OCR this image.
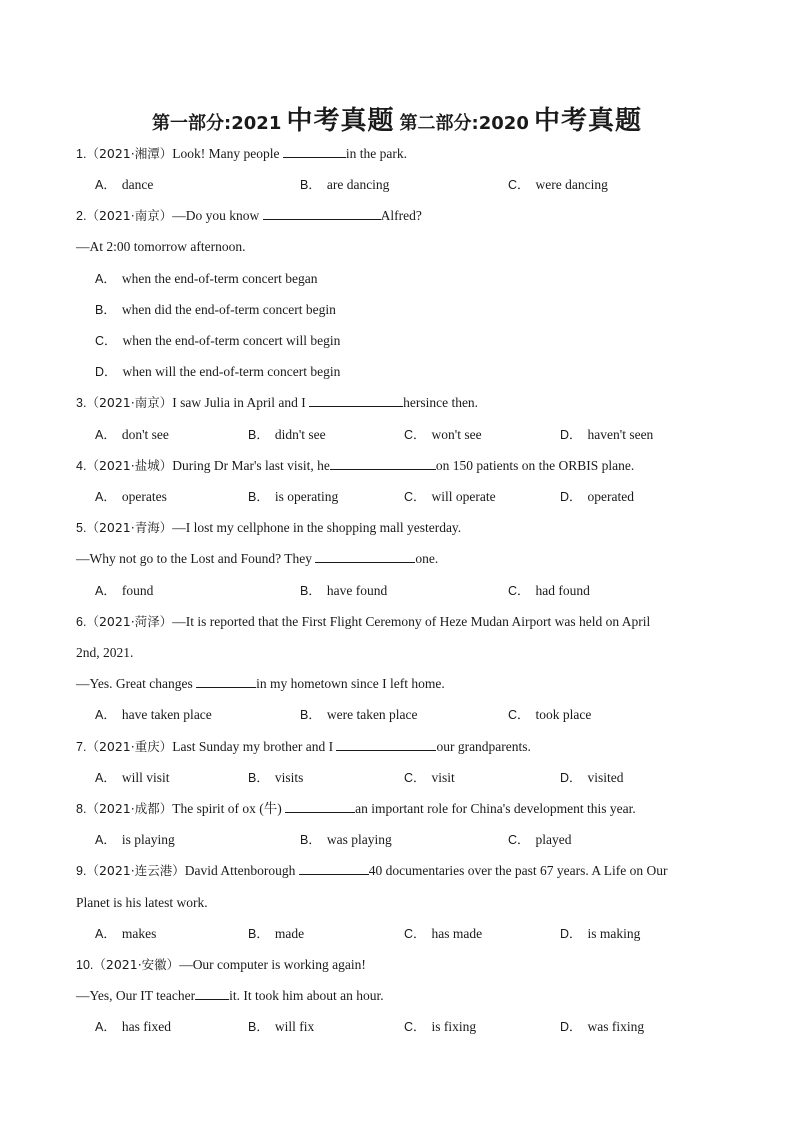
第一部分:2021 中考真题 第二部分:2020 中考真题
1.（2021·湘潭）Look! Many people	in the park.
A． dance	B． are dancing	C． were dancing
2.（2021·南京）—Do you know	Alfred?
—At 2:00 tomorrow afternoon.
A． when the end-of-term concert began
B． when did the end-of-term concert begin
C． when the end-of-term concert will begin
D． when will the end-of-term concert begin
3.（2021·南京）I saw Julia in April and I	hersince then.
A． don't see	B． didn't see	C． won't see	D． haven't seen
4.（2021·盐城）During Dr Mar's last visit, he	on 150 patients on the ORBIS plane.
A． operates	B． is operating	C． will operate	D． operated
5.（2021·青海）—I lost my cellphone in the shopping mall yesterday.
—Why not go to the Lost and Found? They	one.
A． found	B． have found	C． had found
6.（2021·菏泽）—It is reported that the First Flight Ceremony of Heze Mudan Airport was held on April
2nd, 2021.
—Yes. Great changes	in my hometown since I left home.
A． have taken place	B． were taken place	C． took place
7.（2021·重庆）Last Sunday my brother and I	our grandparents.
A． will visit	B． visits	C． visit	D． visited
8.（2021·成都）The spirit of ox (牛)	an important role for China's development this year.
A． is playing	B． was playing	C． played
9.（2021·连云港）David Attenborough	40 documentaries over the past 67 years. A Life on Our
Planet is his latest work.
A． makes	B． made	C． has made	D． is making
10.（2021·安徽）—Our computer is working again!
—Yes, Our IT teacher	it. It took him about an hour.
A． has fixed	B． will fix	C． is fixing	D． was fixing
